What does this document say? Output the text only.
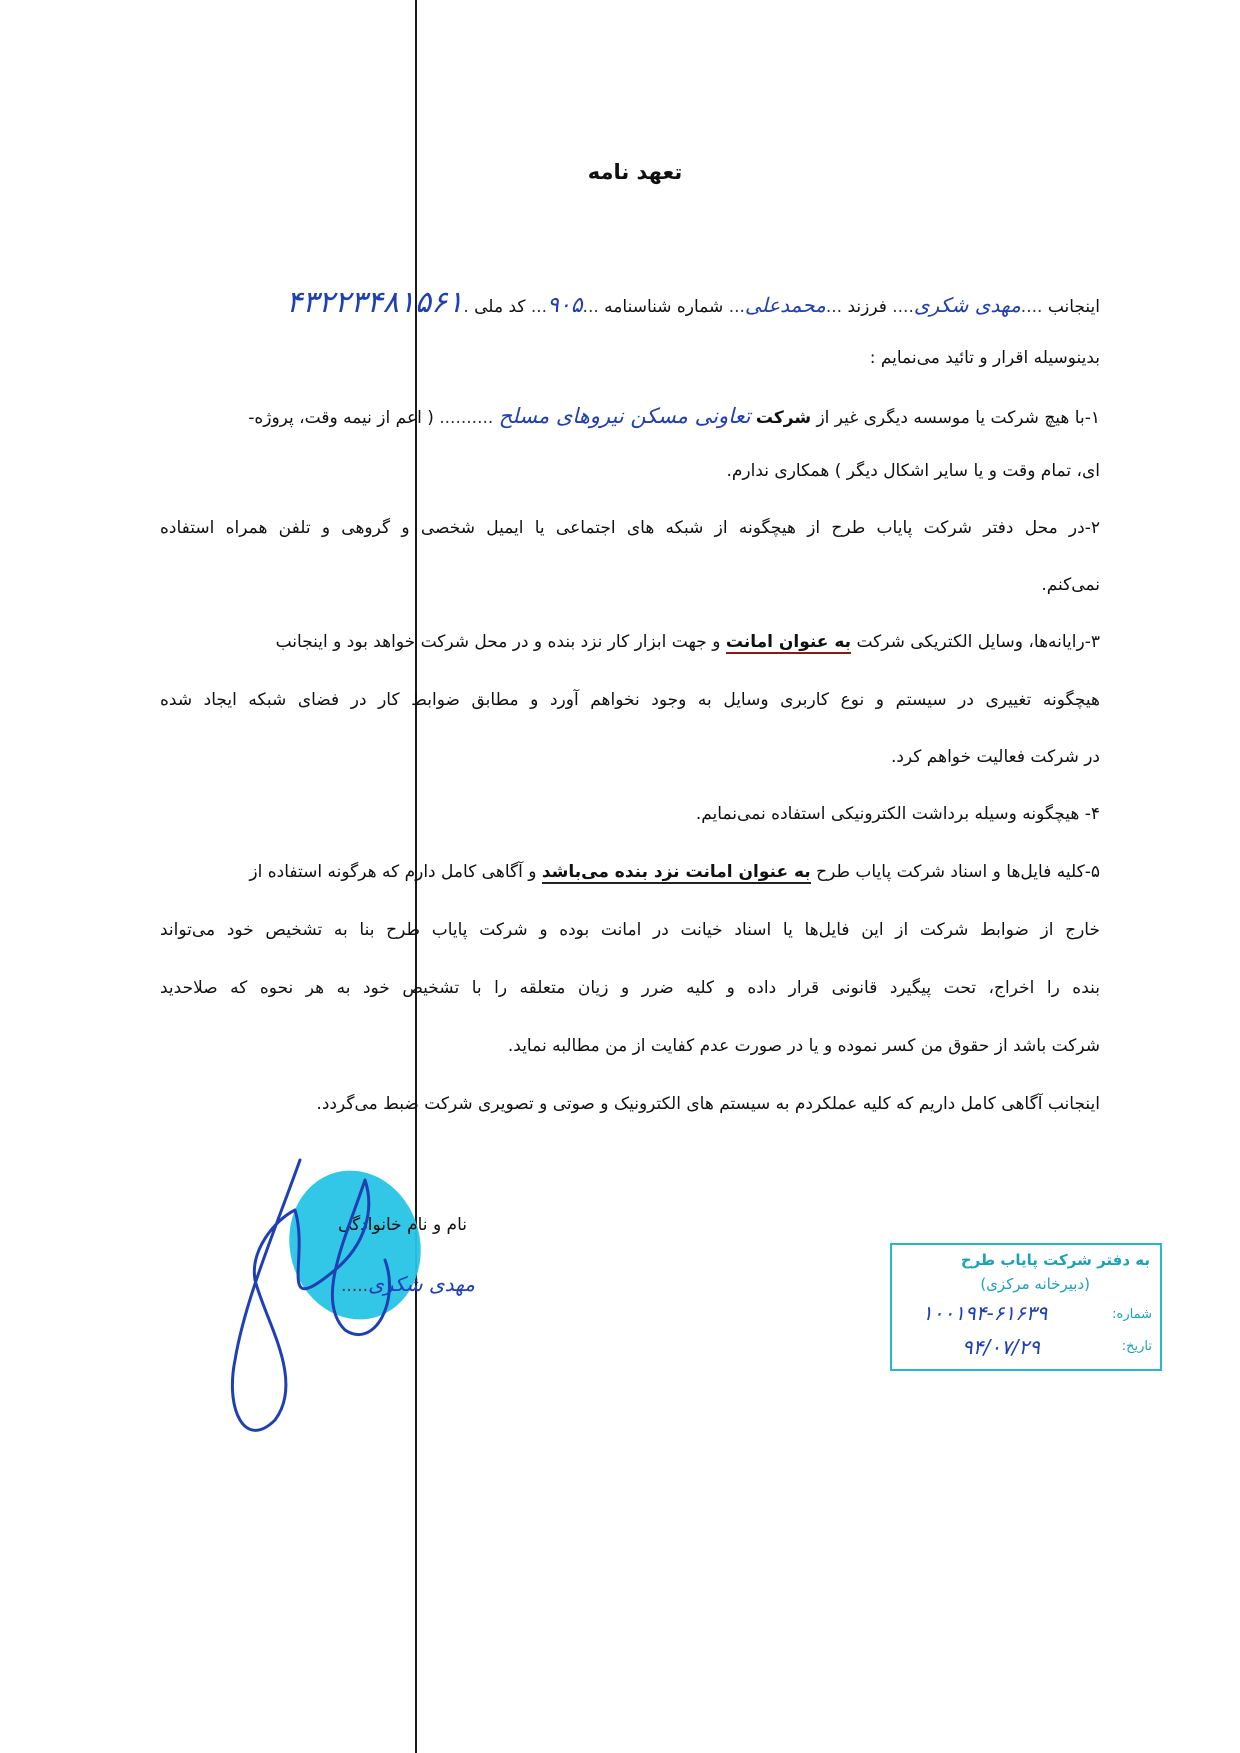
تعهد نامه
اینجانب ....مهدی شکری.... فرزند ...محمدعلی... شماره شناسنامه ...۹۰۵... کد ملی .۴۳۲۲۳۴۸۱۵۶۱
بدینوسیله اقرار و تائید می‌نمایم :
۱-با هیچ شرکت یا موسسه دیگری غیر از شرکت تعاونی مسکن نیروهای مسلح .......... ( اعم از نیمه وقت، پروژه-
ای، تمام وقت و یا سایر اشکال دیگر ) همکاری ندارم.
۲-در محل دفتر شرکت پایاب طرح از هیچگونه از شبکه های اجتماعی یا ایمیل شخصی و گروهی و تلفن همراه استفاده
نمی‌کنم.
۳-رایانه‌ها، وسایل الکتریکی شرکت به عنوان امانت و جهت ابزار کار نزد بنده و در محل شرکت خواهد بود و اینجانب
هیچگونه تغییری در سیستم و نوع کاربری وسایل به وجود نخواهم آورد و مطابق ضوابط کار در فضای شبکه ایجاد شده
در شرکت فعالیت خواهم کرد.
۴- هیچگونه وسیله برداشت الکترونیکی استفاده نمی‌نمایم.
۵-کلیه فایل‌ها و اسناد شرکت پایاب طرح به عنوان امانت نزد بنده می‌باشد و آگاهی کامل دارم که هرگونه استفاده از
خارج از ضوابط شرکت از این فایل‌ها یا اسناد خیانت در امانت بوده و شرکت پایاب طرح بنا به تشخیص خود می‌تواند
بنده را اخراج، تحت پیگیرد قانونی قرار داده و کلیه ضرر و زیان متعلقه را با تشخیص خود به هر نحوه که صلاحدید
شرکت باشد از حقوق من کسر نموده و یا در صورت عدم کفایت از من مطالبه نماید.
اینجانب آگاهی کامل داریم که کلیه عملکردم به سیستم های الکترونیک و صوتی و تصویری شرکت ضبط می‌گردد.
نام و نام خانوادگی
مهدی شکری.....
به دفتر شرکت پایاب طرح
(دبیرخانه مرکزی)
شماره:
۱۰۰۱۹۴-۶۱۶۳۹
تاریخ:
۹۴/۰۷/۲۹
